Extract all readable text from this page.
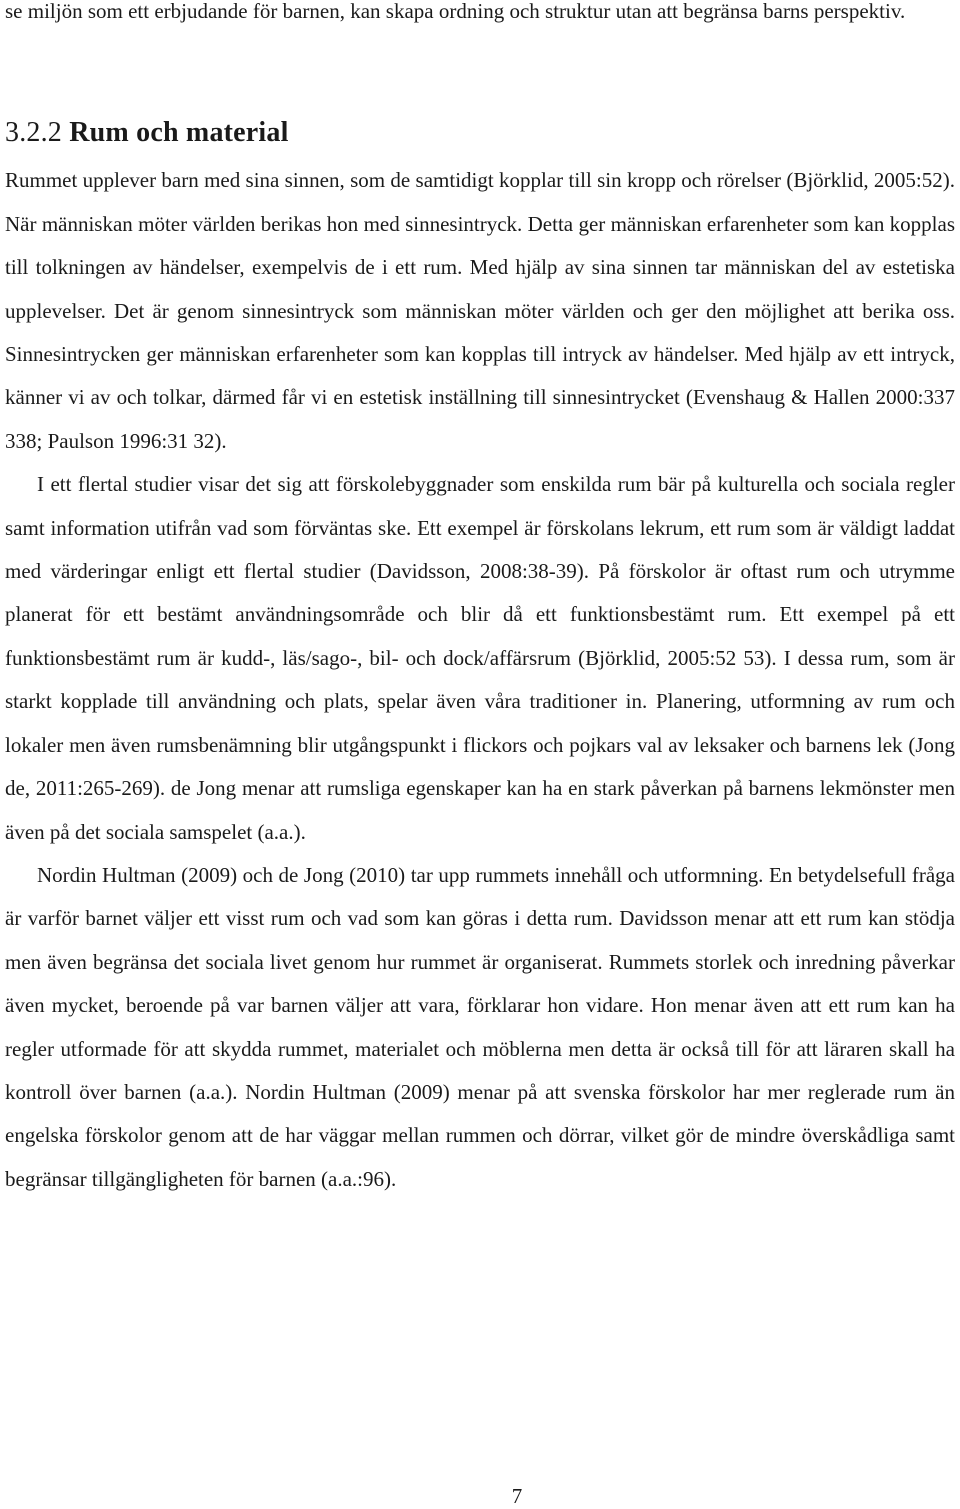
se miljön som ett erbjudande för barnen, kan skapa ordning och struktur utan att begränsa barns perspektiv.

3.2.2 Rum och material

Rummet upplever barn med sina sinnen, som de samtidigt kopplar till sin kropp och rörelser (Björklid, 2005:52). När människan möter världen berikas hon med sinnesintryck. Detta ger människan erfarenheter som kan kopplas till tolkningen av händelser, exempelvis de i ett rum. Med hjälp av sina sinnen tar människan del av estetiska upplevelser. Det är genom sinnesintryck som människan möter världen och ger den möjlighet att berika oss. Sinnesintrycken ger människan erfarenheter som kan kopplas till intryck av händelser. Med hjälp av ett intryck, känner vi av och tolkar, därmed får vi en estetisk inställning till sinnesintrycket (Evenshaug & Hallen 2000:337 338; Paulson 1996:31 32).

I ett flertal studier visar det sig att förskolebyggnader som enskilda rum bär på kulturella och sociala regler samt information utifrån vad som förväntas ske. Ett exempel är förskolans lekrum, ett rum som är väldigt laddat med värderingar enligt ett flertal studier (Davidsson, 2008:38-39). På förskolor är oftast rum och utrymme planerat för ett bestämt användningsområde och blir då ett funktionsbestämt rum. Ett exempel på ett funktionsbestämt rum är kudd-, läs/sago-, bil- och dock/affärsrum (Björklid, 2005:52 53). I dessa rum, som är starkt kopplade till användning och plats, spelar även våra traditioner in. Planering, utformning av rum och lokaler men även rumsbenämning blir utgångspunkt i flickors och pojkars val av leksaker och barnens lek (Jong de, 2011:265-269). de Jong menar att rumsliga egenskaper kan ha en stark påverkan på barnens lekmönster men även på det sociala samspelet (a.a.).

Nordin Hultman (2009) och de Jong (2010) tar upp rummets innehåll och utformning. En betydelsefull fråga är varför barnet väljer ett visst rum och vad som kan göras i detta rum. Davidsson menar att ett rum kan stödja men även begränsa det sociala livet genom hur rummet är organiserat. Rummets storlek och inredning påverkar även mycket, beroende på var barnen väljer att vara, förklarar hon vidare. Hon menar även att ett rum kan ha regler utformade för att skydda rummet, materialet och möblerna men detta är också till för att läraren skall ha kontroll över barnen (a.a.). Nordin Hultman (2009) menar på att svenska förskolor har mer reglerade rum än engelska förskolor genom att de har väggar mellan rummen och dörrar, vilket gör de mindre överskådliga samt begränsar tillgängligheten för barnen (a.a.:96).

7
